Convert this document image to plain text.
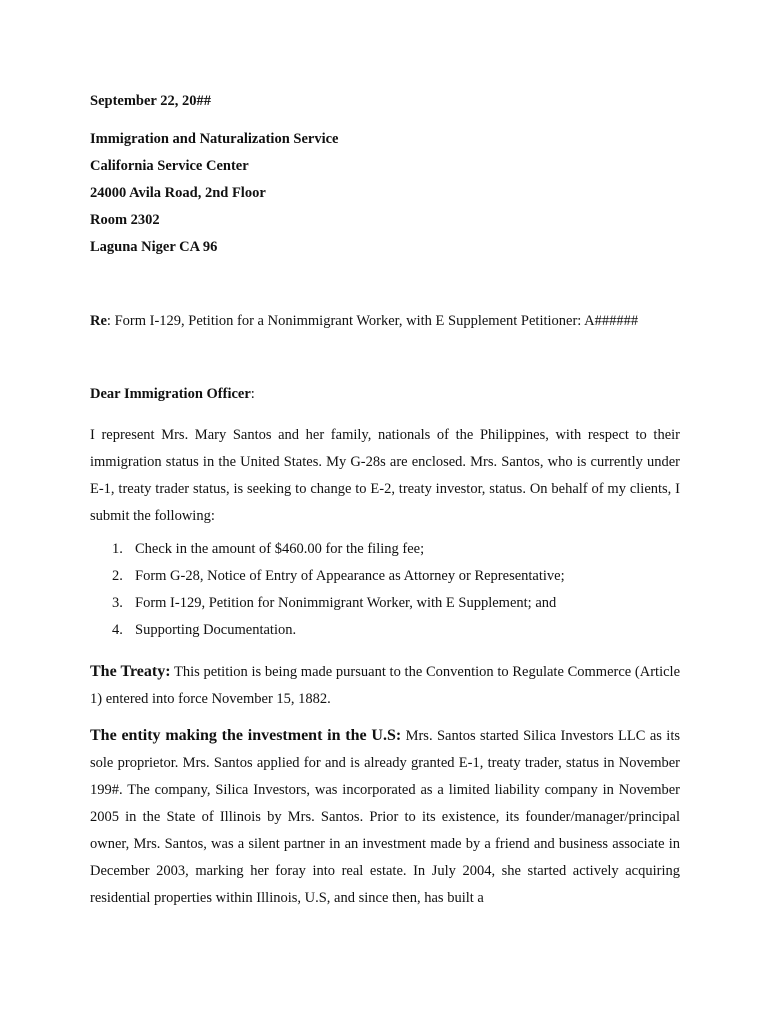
September 22, 20##
Immigration and Naturalization Service
California Service Center
24000 Avila Road, 2nd Floor
Room 2302
Laguna Niger CA 96
Re: Form I-129, Petition for a Nonimmigrant Worker, with E Supplement Petitioner: A######
Dear Immigration Officer:
I represent Mrs. Mary Santos and her family, nationals of the Philippines, with respect to their immigration status in the United States. My G-28s are enclosed. Mrs. Santos, who is currently under E-1, treaty trader status, is seeking to change to E-2, treaty investor, status. On behalf of my clients, I submit the following:
1. Check in the amount of $460.00 for the filing fee;
2. Form G-28, Notice of Entry of Appearance as Attorney or Representative;
3. Form I-129, Petition for Nonimmigrant Worker, with E Supplement; and
4. Supporting Documentation.
The Treaty: This petition is being made pursuant to the Convention to Regulate Commerce (Article 1) entered into force November 15, 1882.
The entity making the investment in the U.S: Mrs. Santos started Silica Investors LLC as its sole proprietor. Mrs. Santos applied for and is already granted E-1, treaty trader, status in November 199#. The company, Silica Investors, was incorporated as a limited liability company in November 2005 in the State of Illinois by Mrs. Santos. Prior to its existence, its founder/manager/principal owner, Mrs. Santos, was a silent partner in an investment made by a friend and business associate in December 2003, marking her foray into real estate. In July 2004, she started actively acquiring residential properties within Illinois, U.S, and since then, has built a
